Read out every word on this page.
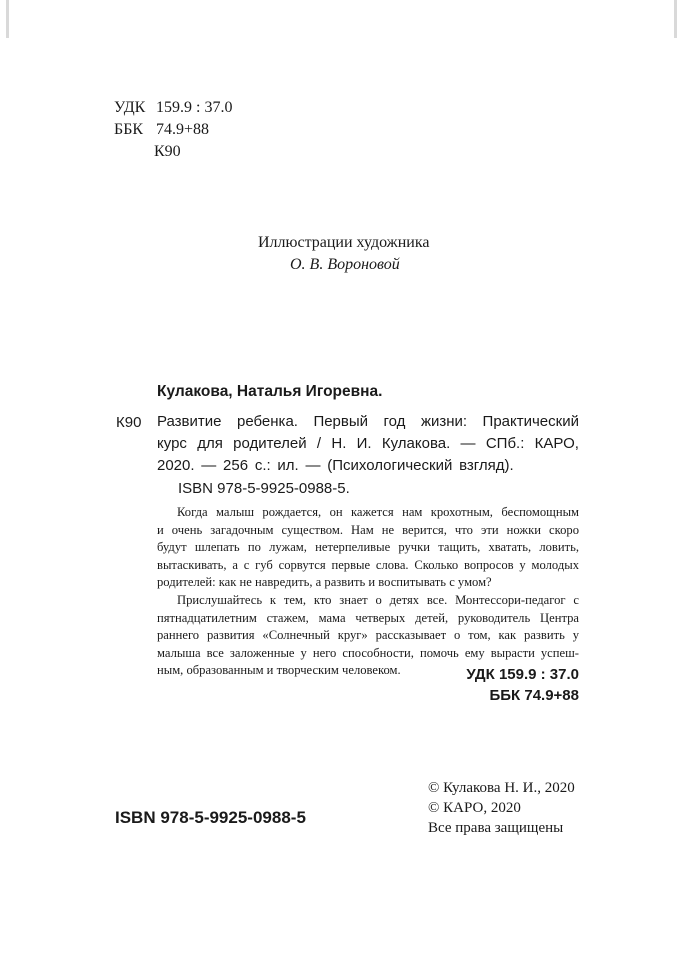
УДК 159.9 : 37.0
ББК 74.9+88
К90
Иллюстрации художника
О. В. Вороновой
Кулакова, Наталья Игоревна.
К90 Развитие ребенка. Первый год жизни: Практический
курс для родителей / Н. И. Кулакова. — СПб.: КАРО,
2020. — 256 с.: ил. — (Психологический взгляд).
ISBN 978-5-9925-0988-5.

Когда малыш рождается, он кажется нам крохотным, беспомощным
и очень загадочным существом. Нам не верится, что эти ножки скоро
будут шлепать по лужам, нетерпеливые ручки тащить, хватать, ловить,
вытаскивать, а с губ сорвутся первые слова. Сколько вопросов у молодых
родителей: как не навредить, а развить и воспитывать с умом?

Прислушайтесь к тем, кто знает о детях все. Монтессори-педагог с
пятнадцатилетним стажем, мама четверых детей, руководитель Центра
раннего развития «Солнечный круг» рассказывает о том, как развить у
малыша все заложенные у него способности, помочь ему вырасти успеш-
ным, образованным и творческим человеком.	УДК 159.9 : 37.0
ББК 74.9+88
© Кулакова Н. И., 2020
© КАРО, 2020
Все права защищены
ISBN 978-5-9925-0988-5
